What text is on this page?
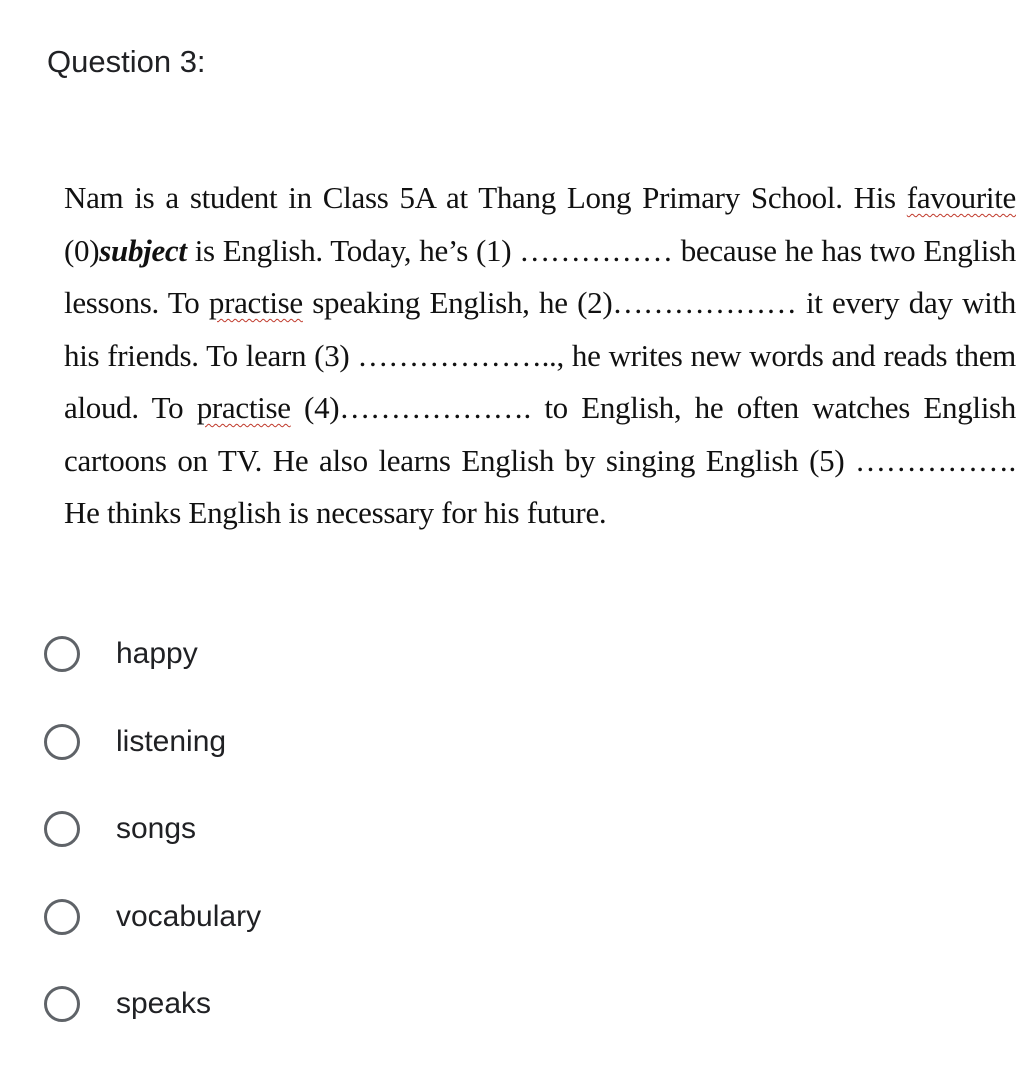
Question 3:

Nam is a student in Class 5A at Thang Long Primary School. His favourite (0)subject is English. Today, he’s (1) …………… because he has two English lessons. To practise speaking English, he (2)……………… it every day with his friends. To learn (3) ……………….., he writes new words and reads them aloud. To practise (4)………………. to English, he often watches English cartoons on TV. He also learns English by singing English (5) ……………. He thinks English is necessary for his future.

happy
listening
songs
vocabulary
speaks
